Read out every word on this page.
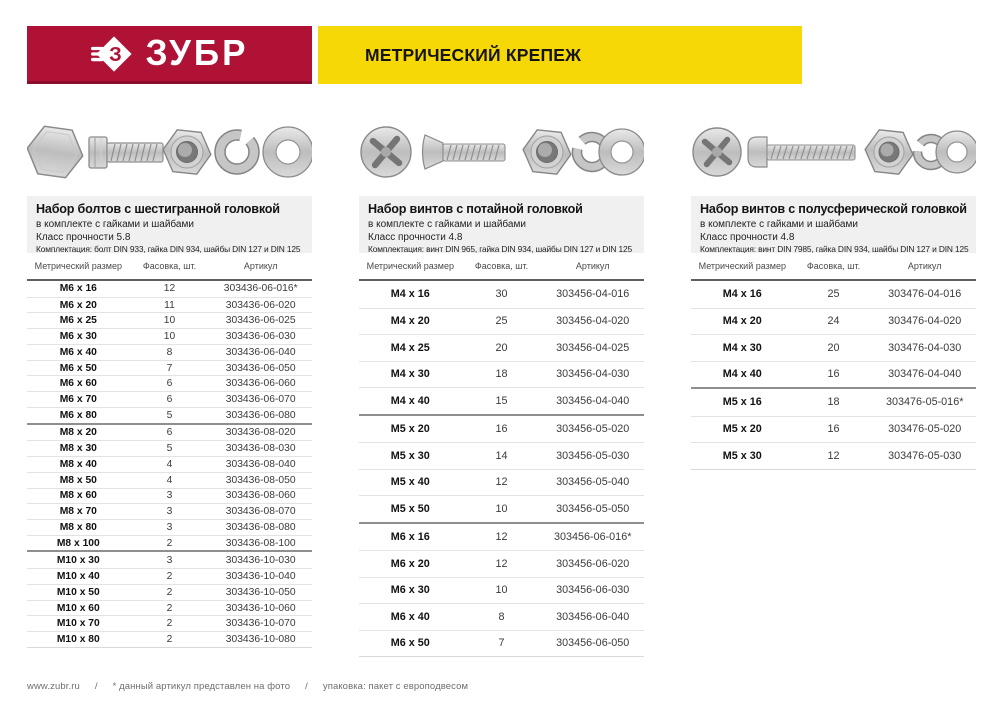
З ЗУБР	МЕТРИЧЕСКИЙ КРЕПЕЖ
Набор болтов с шестигранной головкой
в комплекте с гайками и шайбами
Класс прочности 5.8
Комплектация: болт DIN 933, гайка DIN 934, шайбы DIN 127 и DIN 125
Метрический размер	Фасовка, шт.	Артикул
M6 x 16	12	303436-06-016*
M6 x 20	11	303436-06-020
M6 x 25	10	303436-06-025
M6 x 30	10	303436-06-030
M6 x 40	8	303436-06-040
M6 x 50	7	303436-06-050
M6 x 60	6	303436-06-060
M6 x 70	6	303436-06-070
M6 x 80	5	303436-06-080
M8 x 20	6	303436-08-020
M8 x 30	5	303436-08-030
M8 x 40	4	303436-08-040
M8 x 50	4	303436-08-050
M8 x 60	3	303436-08-060
M8 x 70	3	303436-08-070
M8 x 80	3	303436-08-080
M8 x 100	2	303436-08-100
M10 x 30	3	303436-10-030
M10 x 40	2	303436-10-040
M10 x 50	2	303436-10-050
M10 x 60	2	303436-10-060
M10 x 70	2	303436-10-070
M10 x 80	2	303436-10-080
Набор винтов с потайной головкой
в комплекте с гайками и шайбами
Класс прочности 4.8
Комплектация: винт DIN 965, гайка DIN 934, шайбы DIN 127 и DIN 125
Метрический размер	Фасовка, шт.	Артикул
M4 x 16	30	303456-04-016
M4 x 20	25	303456-04-020
M4 x 25	20	303456-04-025
M4 x 30	18	303456-04-030
M4 x 40	15	303456-04-040
M5 x 20	16	303456-05-020
M5 x 30	14	303456-05-030
M5 x 40	12	303456-05-040
M5 x 50	10	303456-05-050
M6 x 16	12	303456-06-016*
M6 x 20	12	303456-06-020
M6 x 30	10	303456-06-030
M6 x 40	8	303456-06-040
M6 x 50	7	303456-06-050
Набор винтов с полусферической головкой
в комплекте с гайками и шайбами
Класс прочности 4.8
Комплектация: винт DIN 7985, гайка DIN 934, шайбы DIN 127 и DIN 125
Метрический размер	Фасовка, шт.	Артикул
M4 x 16	25	303476-04-016
M4 x 20	24	303476-04-020
M4 x 30	20	303476-04-030
M4 x 40	16	303476-04-040
M5 x 16	18	303476-05-016*
M5 x 20	16	303476-05-020
M5 x 30	12	303476-05-030
www.zubr.ru / * данный артикул представлен на фото / упаковка: пакет с европодвесом
